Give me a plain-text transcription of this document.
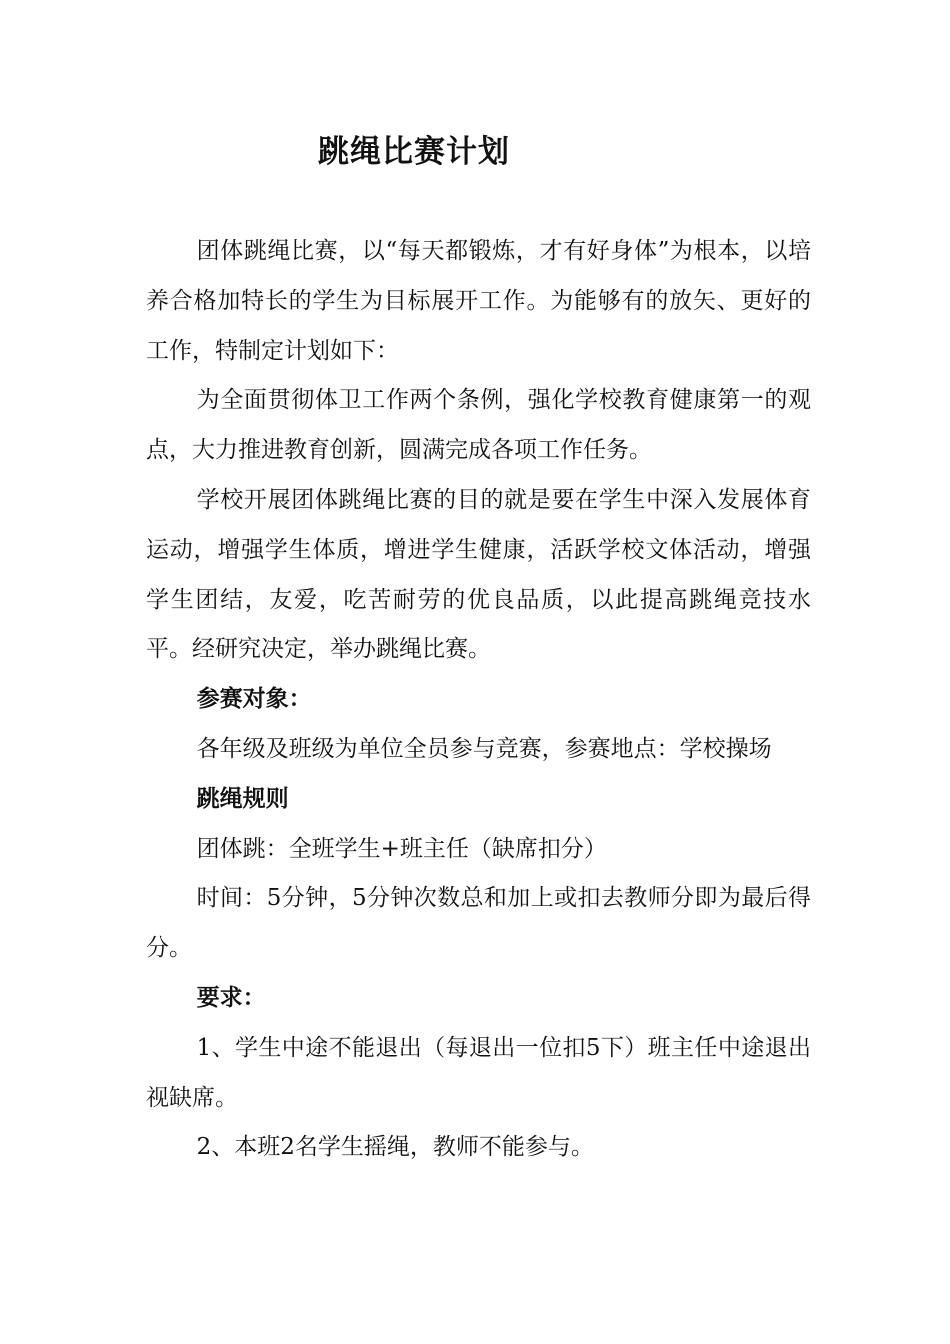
跳绳比赛计划

团体跳绳比赛，以“每天都锻炼，才有好身体”为根本，以培养合格加特长的学生为目标展开工作。为能够有的放矢、更好的工作，特制定计划如下：

为全面贯彻体卫工作两个条例，强化学校教育健康第一的观点，大力推进教育创新，圆满完成各项工作任务。

学校开展团体跳绳比赛的目的就是要在学生中深入发展体育运动，增强学生体质，增进学生健康，活跃学校文体活动，增强学生团结，友爱，吃苦耐劳的优良品质，以此提高跳绳竞技水平。经研究决定，举办跳绳比赛。

参赛对象：

各年级及班级为单位全员参与竞赛，参赛地点：学校操场

跳绳规则

团体跳：全班学生+班主任（缺席扣分）

时间：5分钟，5分钟次数总和加上或扣去教师分即为最后得分。

要求：

1、学生中途不能退出（每退出一位扣5下）班主任中途退出视缺席。

2、本班2名学生摇绳，教师不能参与。
